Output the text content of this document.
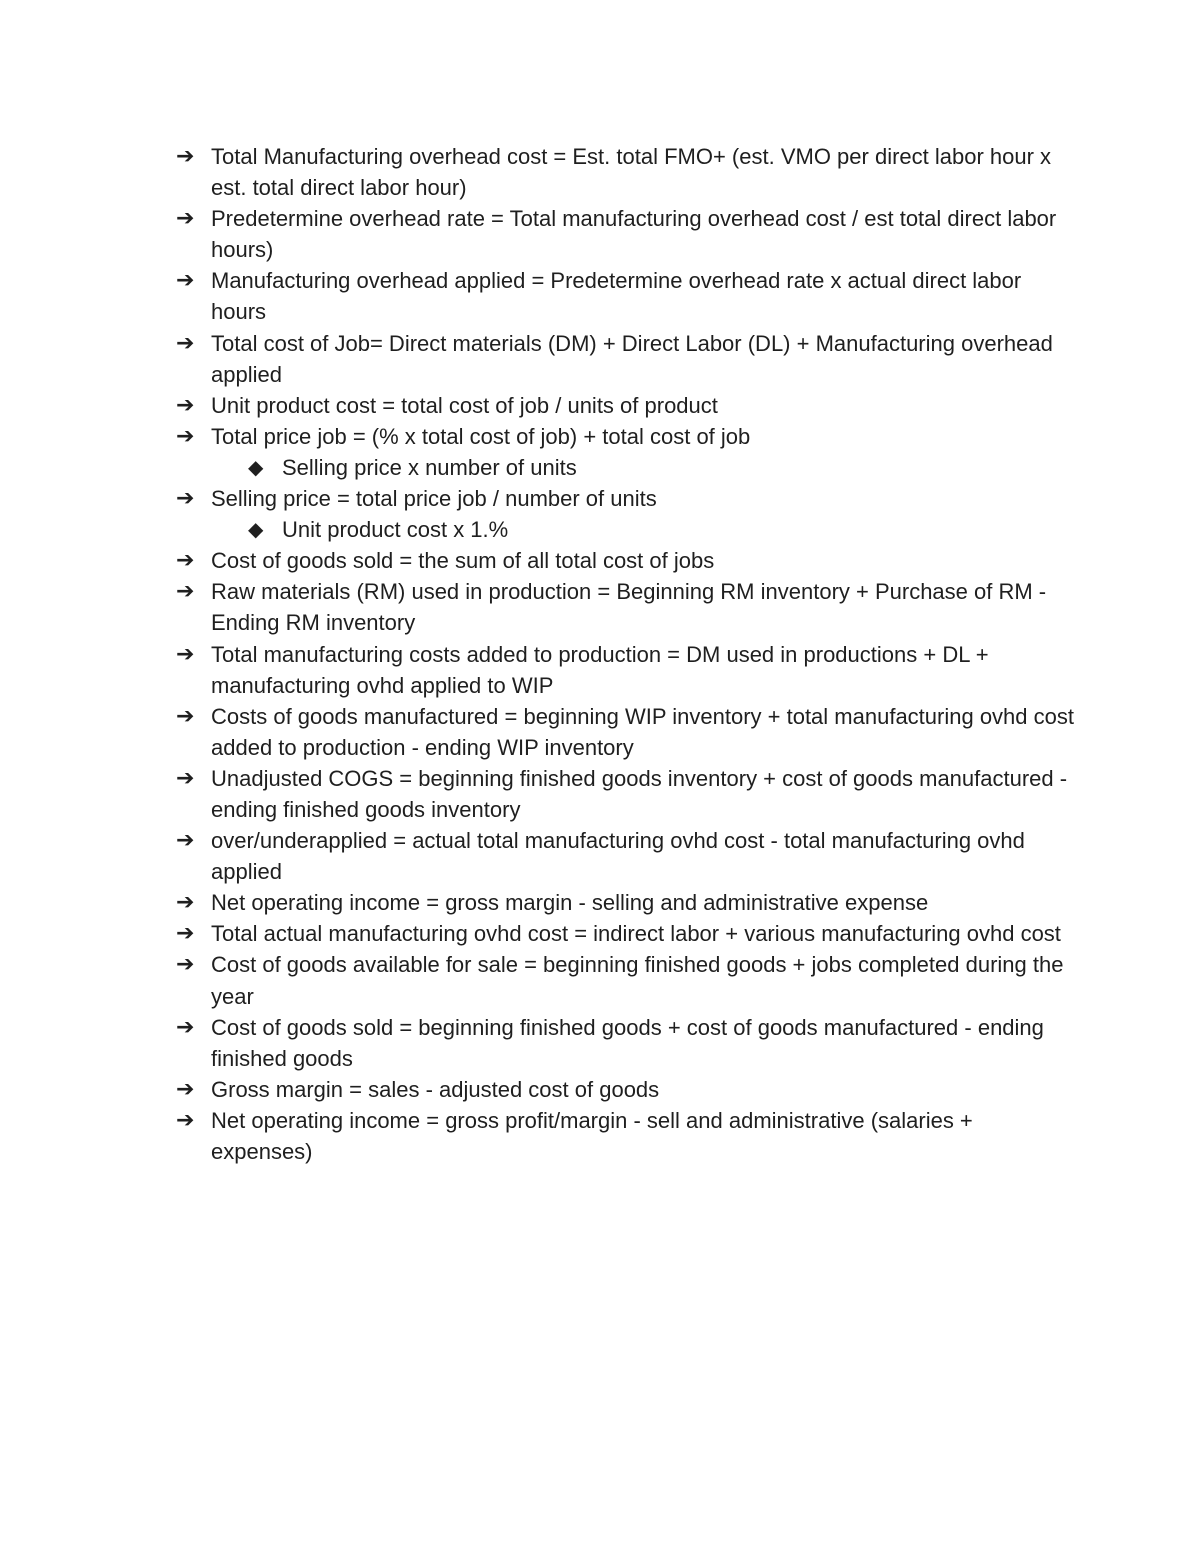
➔ Total Manufacturing overhead cost = Est. total FMO+ (est. VMO per direct labor hour x est. total direct labor hour)
➔ Predetermine overhead rate = Total manufacturing overhead cost / est total direct labor hours)
➔ Manufacturing overhead applied = Predetermine overhead rate x actual direct labor hours
➔ Total cost of Job= Direct materials (DM) + Direct Labor (DL) + Manufacturing overhead applied
➔ Unit product cost = total cost of job / units of product
➔ Total price job = (% x total cost of job) + total cost of job
◆ Selling price x number of units
➔ Selling price = total price job / number of units
◆ Unit product cost x 1.%
➔ Cost of goods sold = the sum of all total cost of jobs
➔ Raw materials (RM) used in production = Beginning RM inventory + Purchase of RM - Ending RM inventory
➔ Total manufacturing costs added to production = DM used in productions + DL + manufacturing ovhd applied to WIP
➔ Costs of goods manufactured = beginning WIP inventory + total manufacturing ovhd cost added to production - ending WIP inventory
➔ Unadjusted COGS = beginning finished goods inventory + cost of goods manufactured - ending finished goods inventory
➔ over/underapplied = actual total manufacturing ovhd cost - total manufacturing ovhd applied
➔ Net operating income = gross margin - selling and administrative expense
➔ Total actual manufacturing ovhd cost = indirect labor + various manufacturing ovhd cost
➔ Cost of goods available for sale = beginning finished goods + jobs completed during the year
➔ Cost of goods sold = beginning finished goods + cost of goods manufactured - ending finished goods
➔ Gross margin = sales - adjusted cost of goods
➔ Net operating income = gross profit/margin - sell and administrative (salaries + expenses)
